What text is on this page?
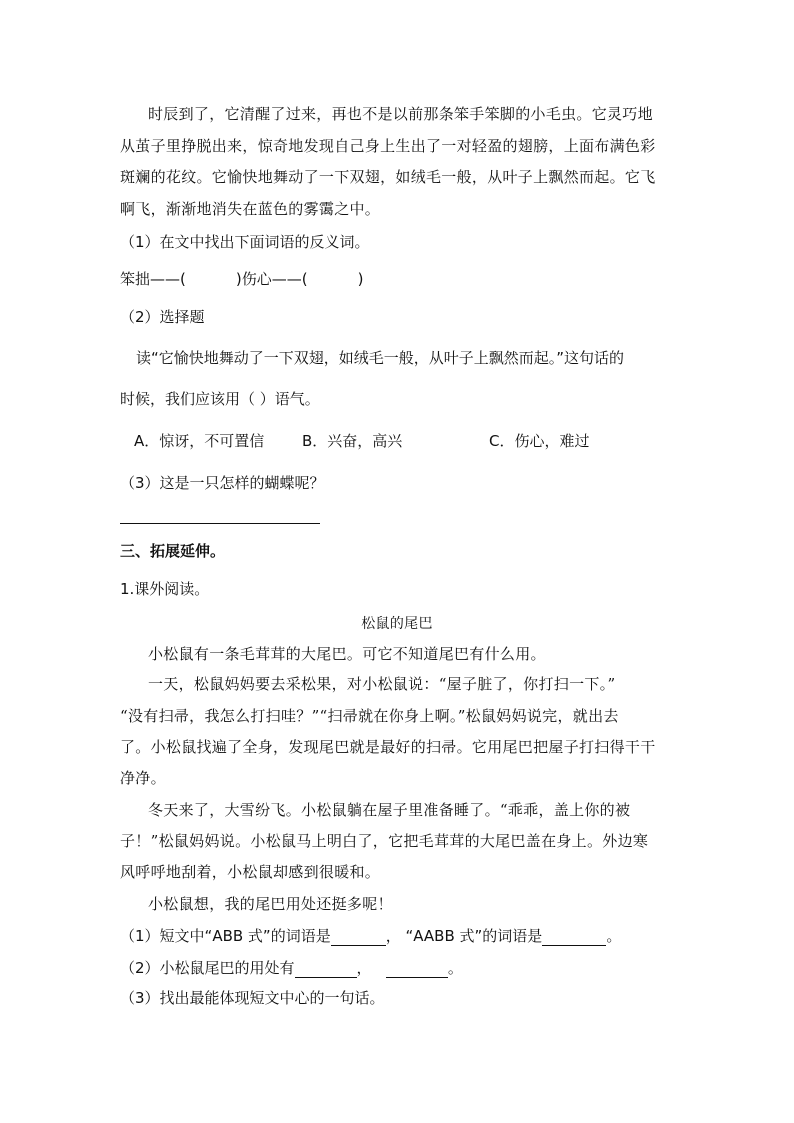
时辰到了，它清醒了过来，再也不是以前那条笨手笨脚的小毛虫。它灵巧地

从茧子里挣脱出来，惊奇地发现自己身上生出了一对轻盈的翅膀，上面布满色彩

斑斓的花纹。它愉快地舞动了一下双翅，如绒毛一般，从叶子上飘然而起。它飞

啊飞，渐渐地消失在蓝色的雾霭之中。

（1）在文中找出下面词语的反义词。

笨拙——(	)伤心——(	)

（2）选择题

读“它愉快地舞动了一下双翅，如绒毛一般，从叶子上飘然而起。”这句话的

时候，我们应该用（ ）语气。

A．惊讶，不可置信	B．兴奋，高兴	C．伤心，难过

（3）这是一只怎样的蝴蝶呢？

三、拓展延伸。

1.课外阅读。

松鼠的尾巴

小松鼠有一条毛茸茸的大尾巴。可它不知道尾巴有什么用。

一天，松鼠妈妈要去采松果，对小松鼠说：“屋子脏了，你打扫一下。”

“没有扫帚，我怎么打扫哇？”“扫帚就在你身上啊。”松鼠妈妈说完，就出去

了。小松鼠找遍了全身，发现尾巴就是最好的扫帚。它用尾巴把屋子打扫得干干

净净。

冬天来了，大雪纷飞。小松鼠躺在屋子里准备睡了。“乖乖，盖上你的被

子！”松鼠妈妈说。小松鼠马上明白了，它把毛茸茸的大尾巴盖在身上。外边寒

风呼呼地刮着，小松鼠却感到很暖和。

小松鼠想，我的尾巴用处还挺多呢！

（1）短文中“ABB 式”的词语是	， “AABB 式”的词语是	。

（2）小松鼠尾巴的用处有	，	。

（3）找出最能体现短文中心的一句话。
